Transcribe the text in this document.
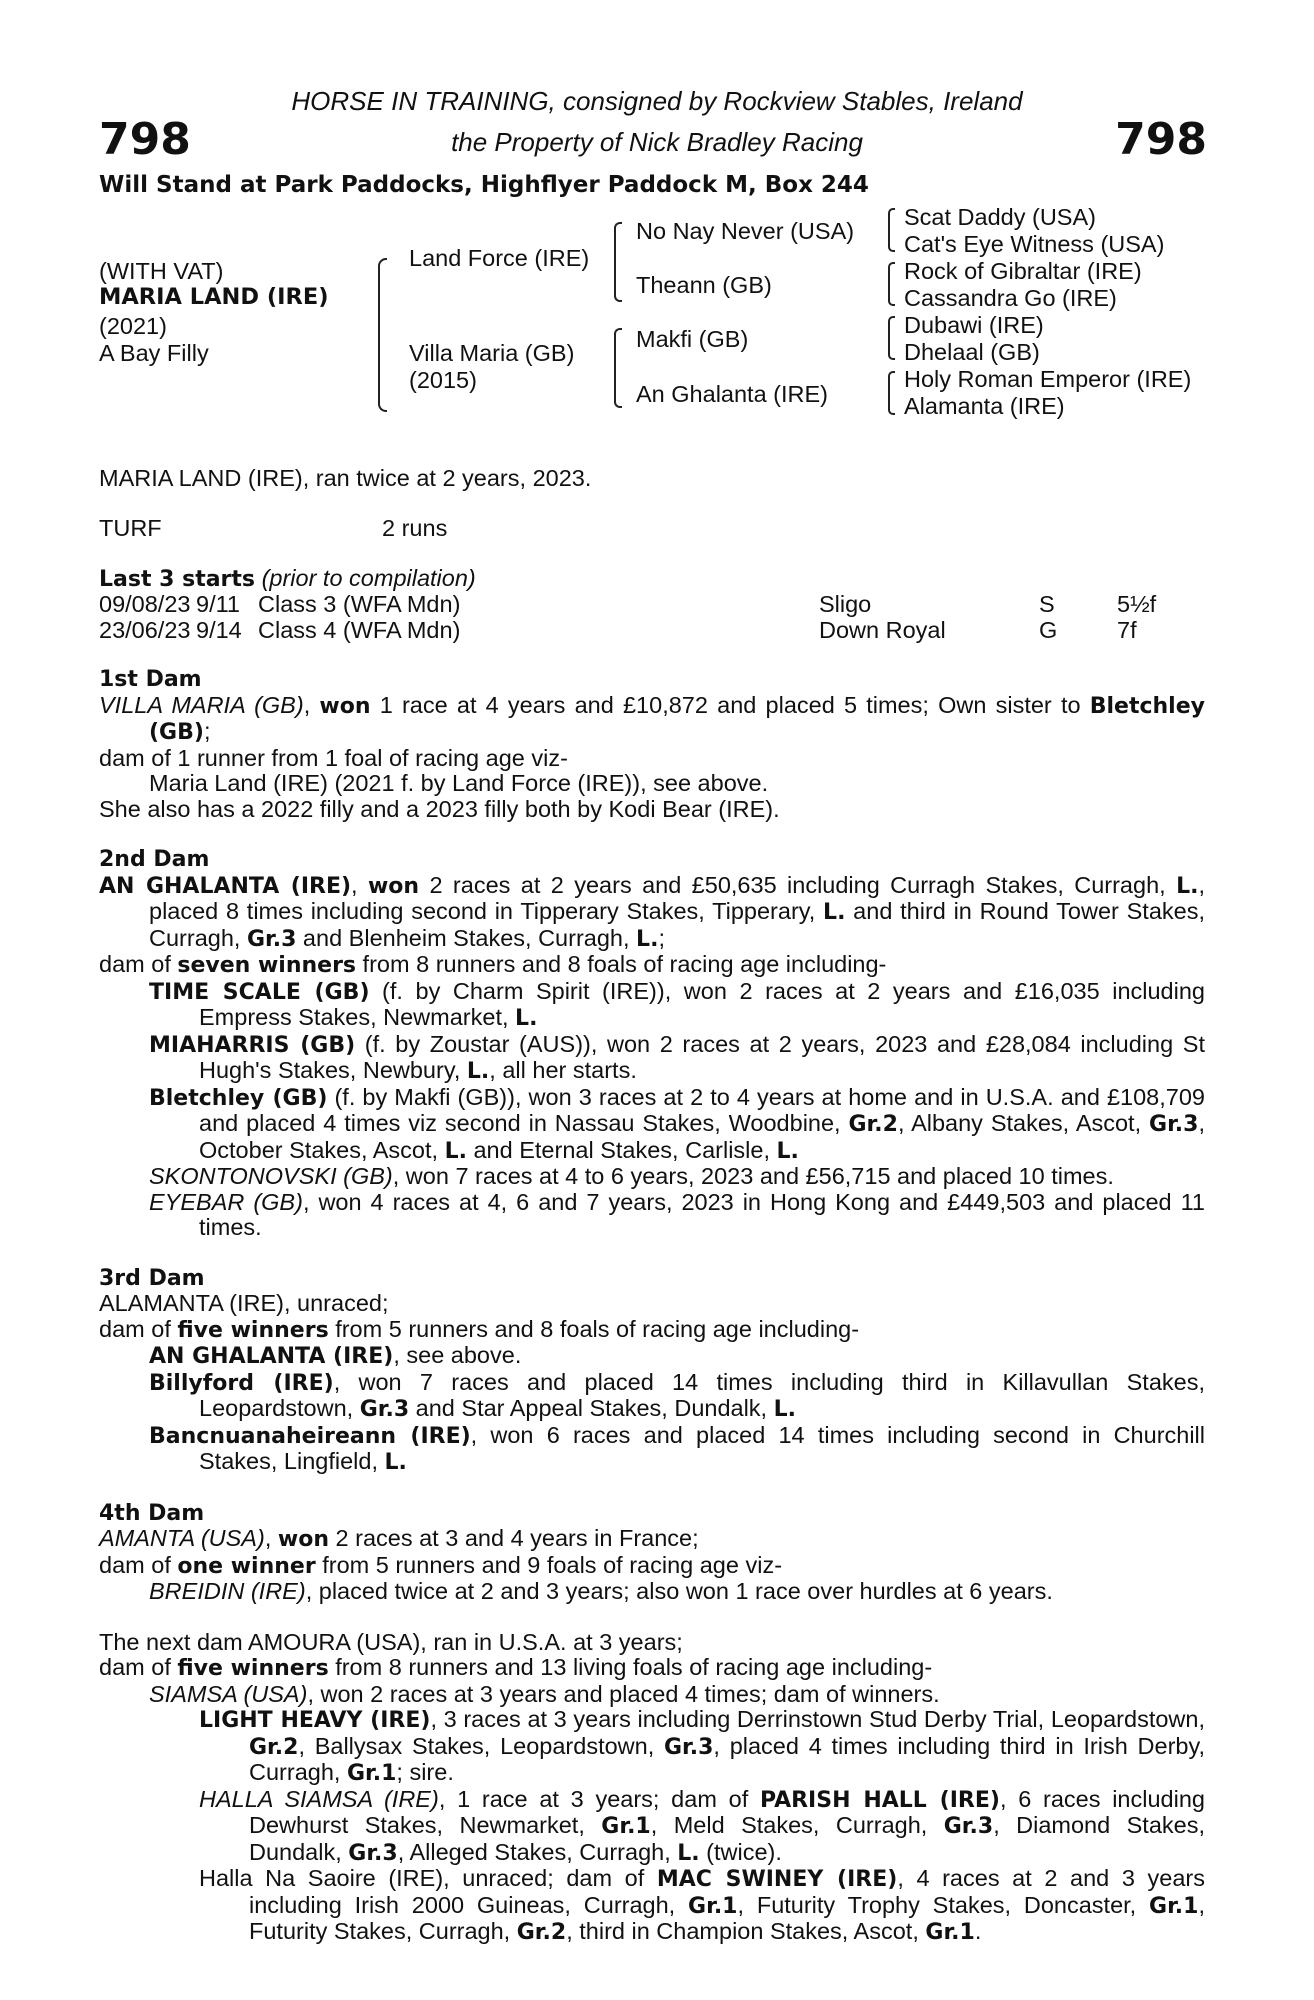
798	798
HORSE IN TRAINING, consigned by Rockview Stables, Ireland
the Property of Nick Bradley Racing
Will Stand at Park Paddocks, Highflyer Paddock M, Box 244
(WITH VAT)
MARIA LAND (IRE)
(2021)
A Bay Filly
Land Force (IRE)
Villa Maria (GB)
(2015)
No Nay Never (USA)
Theann (GB)
Makfi (GB)
An Ghalanta (IRE)
Scat Daddy (USA)
Cat's Eye Witness (USA)
Rock of Gibraltar (IRE)
Cassandra Go (IRE)
Dubawi (IRE)
Dhelaal (GB)
Holy Roman Emperor (IRE)
Alamanta (IRE)
MARIA LAND (IRE), ran twice at 2 years, 2023.
TURF	2 runs
Last 3 starts (prior to compilation)
09/08/23	9/11	Class 3 (WFA Mdn)	Sligo	S	5½f
23/06/23	9/14	Class 4 (WFA Mdn)	Down Royal	G	7f

1st Dam

VILLA MARIA (GB), won 1 race at 4 years and £10,872 and placed 5 times; Own sister to Bletchley (GB);

dam of 1 runner from 1 foal of racing age viz-

Maria Land (IRE) (2021 f. by Land Force (IRE)), see above.

She also has a 2022 filly and a 2023 filly both by Kodi Bear (IRE).

2nd Dam

AN GHALANTA (IRE), won 2 races at 2 years and £50,635 including Curragh Stakes, Curragh, L., placed 8 times including second in Tipperary Stakes, Tipperary, L. and third in Round Tower Stakes, Curragh, Gr.3 and Blenheim Stakes, Curragh, L.;

dam of seven winners from 8 runners and 8 foals of racing age including-

TIME SCALE (GB) (f. by Charm Spirit (IRE)), won 2 races at 2 years and £16,035 including Empress Stakes, Newmarket, L.

MIAHARRIS (GB) (f. by Zoustar (AUS)), won 2 races at 2 years, 2023 and £28,084 including St Hugh's Stakes, Newbury, L., all her starts.

Bletchley (GB) (f. by Makfi (GB)), won 3 races at 2 to 4 years at home and in U.S.A. and £108,709 and placed 4 times viz second in Nassau Stakes, Woodbine, Gr.2, Albany Stakes, Ascot, Gr.3, October Stakes, Ascot, L. and Eternal Stakes, Carlisle, L.

SKONTONOVSKI (GB), won 7 races at 4 to 6 years, 2023 and £56,715 and placed 10 times.

EYEBAR (GB), won 4 races at 4, 6 and 7 years, 2023 in Hong Kong and £449,503 and placed 11 times.

3rd Dam

ALAMANTA (IRE), unraced;

dam of five winners from 5 runners and 8 foals of racing age including-

AN GHALANTA (IRE), see above.

Billyford (IRE), won 7 races and placed 14 times including third in Killavullan Stakes, Leopardstown, Gr.3 and Star Appeal Stakes, Dundalk, L.

Bancnuanaheireann (IRE), won 6 races and placed 14 times including second in Churchill Stakes, Lingfield, L.

4th Dam

AMANTA (USA), won 2 races at 3 and 4 years in France;

dam of one winner from 5 runners and 9 foals of racing age viz-

BREIDIN (IRE), placed twice at 2 and 3 years; also won 1 race over hurdles at 6 years.

The next dam AMOURA (USA), ran in U.S.A. at 3 years;

dam of five winners from 8 runners and 13 living foals of racing age including-

SIAMSA (USA), won 2 races at 3 years and placed 4 times; dam of winners.

LIGHT HEAVY (IRE), 3 races at 3 years including Derrinstown Stud Derby Trial, Leopardstown, Gr.2, Ballysax Stakes, Leopardstown, Gr.3, placed 4 times including third in Irish Derby, Curragh, Gr.1; sire.

HALLA SIAMSA (IRE), 1 race at 3 years; dam of PARISH HALL (IRE), 6 races including Dewhurst Stakes, Newmarket, Gr.1, Meld Stakes, Curragh, Gr.3, Diamond Stakes, Dundalk, Gr.3, Alleged Stakes, Curragh, L. (twice).

Halla Na Saoire (IRE), unraced; dam of MAC SWINEY (IRE), 4 races at 2 and 3 years including Irish 2000 Guineas, Curragh, Gr.1, Futurity Trophy Stakes, Doncaster, Gr.1, Futurity Stakes, Curragh, Gr.2, third in Champion Stakes, Ascot, Gr.1.
